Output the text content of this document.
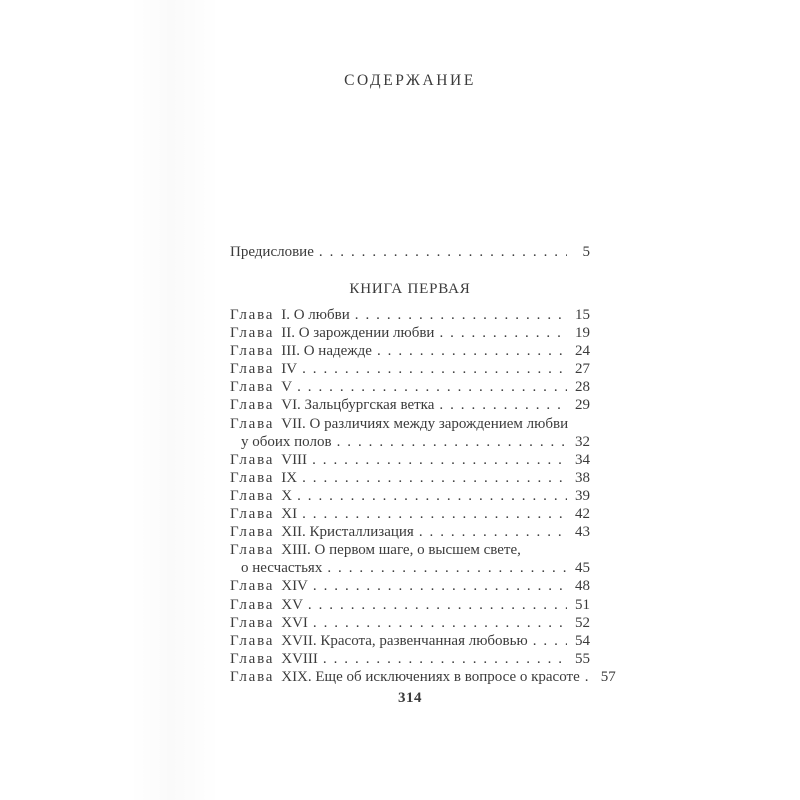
СОДЕРЖАНИЕ
Предисловие . . .	5
КНИГА ПЕРВАЯ
Глава I. О любви . . .	15
Глава II. О зарождении любви . . .	19
Глава III. О надежде . . .	24
Глава IV . . .	27
Глава V . . .	28
Глава VI. Зальцбургская ветка . . .	29
Глава VII. О различиях между зарождением любви
у обоих полов . . .	32
Глава VIII . . .	34
Глава IX . . .	38
Глава X . . .	39
Глава XI . . .	42
Глава XII. Кристаллизация . . .	43
Глава XIII. О первом шаге, о высшем свете,
о несчастьях . . .	45
Глава XIV . . .	48
Глава XV . . .	51
Глава XVI . . .	52
Глава XVII. Красота, развенчанная любовью . . .	54
Глава XVIII . . .	55
Глава XIX. Еще об исключениях в вопросе о красоте . . .	57
314
